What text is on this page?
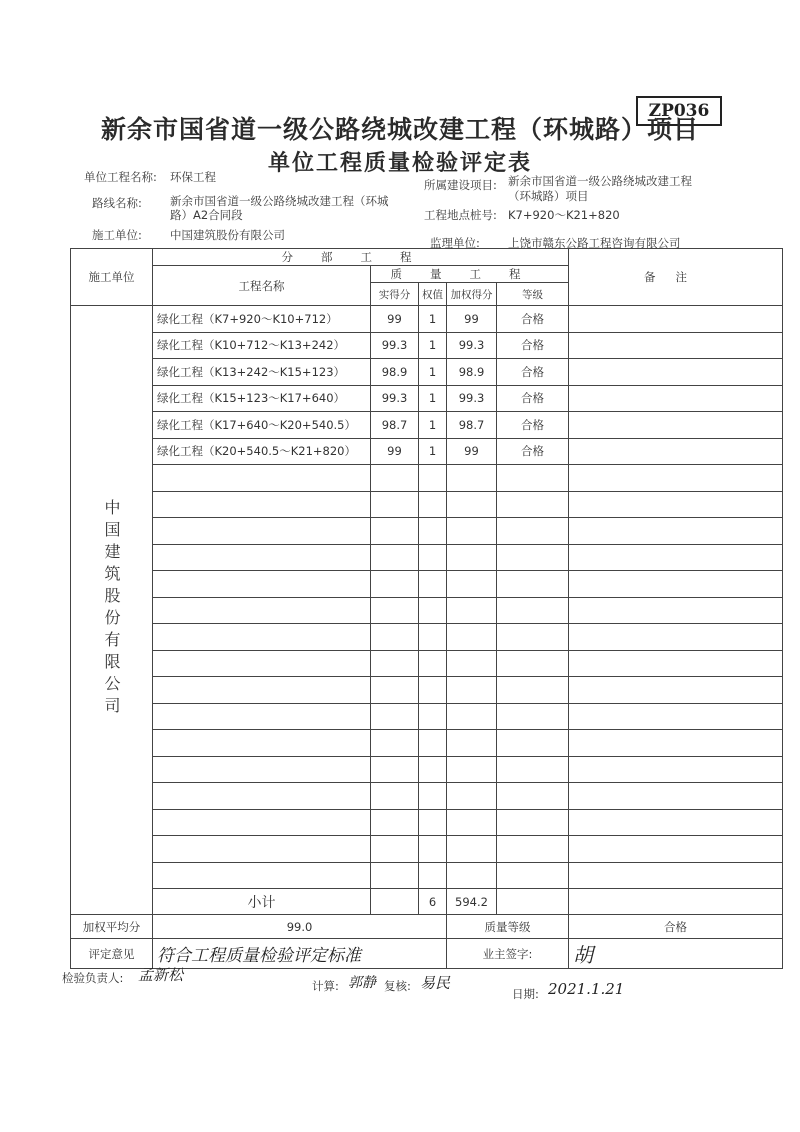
ZP036
新余市国省道一级公路绕城改建工程（环城路）项目
单位工程质量检验评定表
单位工程名称: 环保工程
路线名称: 新余市国省道一级公路绕城改建工程（环城
路）A2合同段
施工单位: 中国建筑股份有限公司
所属建设项目: 新余市国省道一级公路绕城改建工程
（环城路）项目
工程地点桩号: K7+920～K21+820
监理单位: 上饶市赣东公路工程咨询有限公司
施工单位	分部工程					备注
	工程名称	质量工程				
		实得分	权值	加权得分	等级	
中国建筑股份有限公司	绿化工程（K7+920～K10+712）	99	1	99	合格	
	绿化工程（K10+712～K13+242）	99.3	1	99.3	合格	
	绿化工程（K13+242～K15+123）	98.9	1	98.9	合格	
	绿化工程（K15+123～K17+640）	99.3	1	99.3	合格	
	绿化工程（K17+640～K20+540.5）	98.7	1	98.7	合格	
	绿化工程（K20+540.5～K21+820）	99	1	99	合格	

	小计		6	594.2		
加权平均分	99.0			质量等级		合格
评定意见	符合工程质量检验评定标准			业主签字:		胡
检验负责人: 孟新松
计算: 郭静 复核: 易民
日期: 2021.1.21
